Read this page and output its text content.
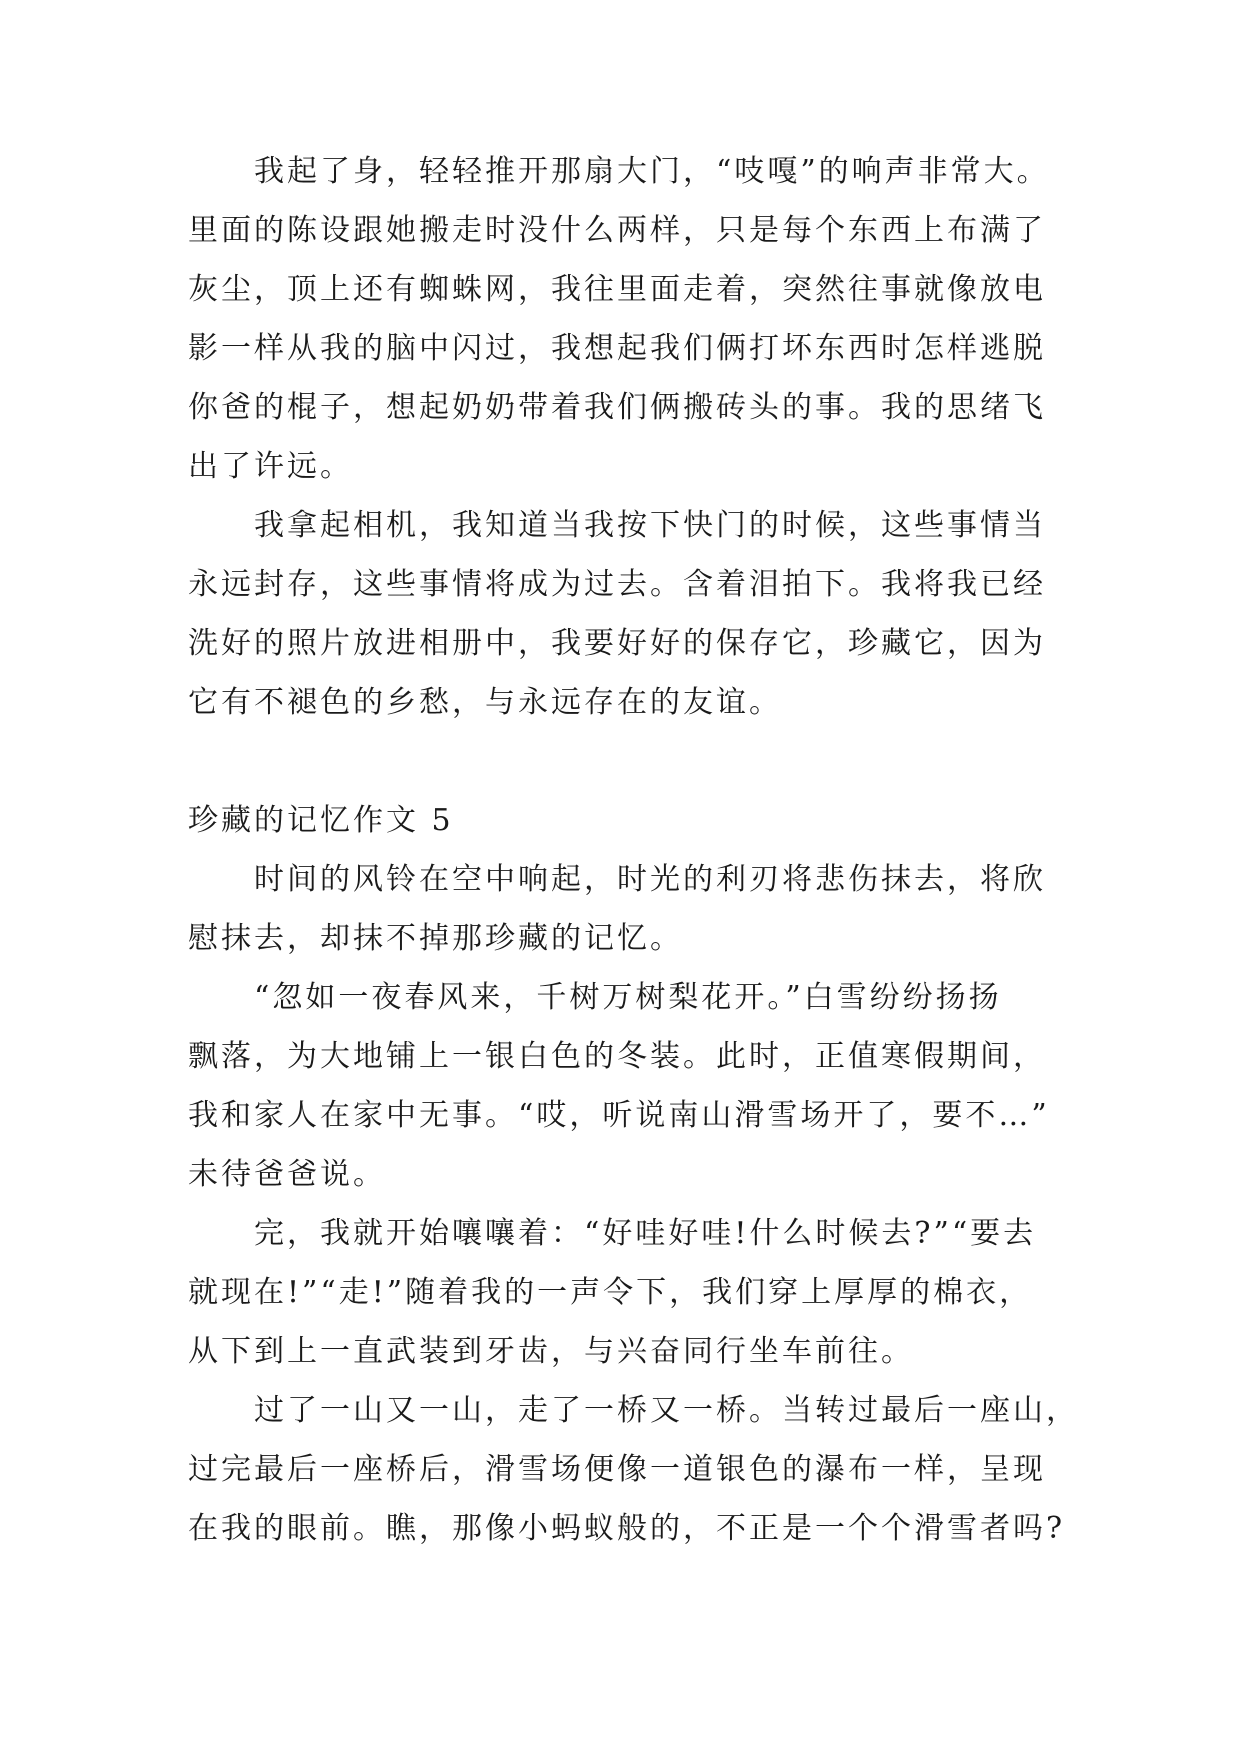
我起了身，轻轻推开那扇大门，“吱嘎”的响声非常大。
里面的陈设跟她搬走时没什么两样，只是每个东西上布满了
灰尘，顶上还有蜘蛛网，我往里面走着，突然往事就像放电
影一样从我的脑中闪过，我想起我们俩打坏东西时怎样逃脱
你爸的棍子，想起奶奶带着我们俩搬砖头的事。我的思绪飞
出了许远。
我拿起相机，我知道当我按下快门的时候，这些事情当
永远封存，这些事情将成为过去。含着泪拍下。我将我已经
洗好的照片放进相册中，我要好好的保存它，珍藏它，因为
它有不褪色的乡愁，与永远存在的友谊。
珍藏的记忆作文 5
时间的风铃在空中响起，时光的利刃将悲伤抹去，将欣
慰抹去，却抹不掉那珍藏的记忆。
“忽如一夜春风来，千树万树梨花开。”白雪纷纷扬扬
飘落，为大地铺上一银白色的冬装。此时，正值寒假期间，
我和家人在家中无事。“哎，听说南山滑雪场开了，要不…”
未待爸爸说。
完，我就开始嚷嚷着：“好哇好哇!什么时候去?”“要去
就现在!”“走!”随着我的一声令下，我们穿上厚厚的棉衣，
从下到上一直武装到牙齿，与兴奋同行坐车前往。
过了一山又一山，走了一桥又一桥。当转过最后一座山，
过完最后一座桥后，滑雪场便像一道银色的瀑布一样，呈现
在我的眼前。瞧，那像小蚂蚁般的，不正是一个个滑雪者吗?
